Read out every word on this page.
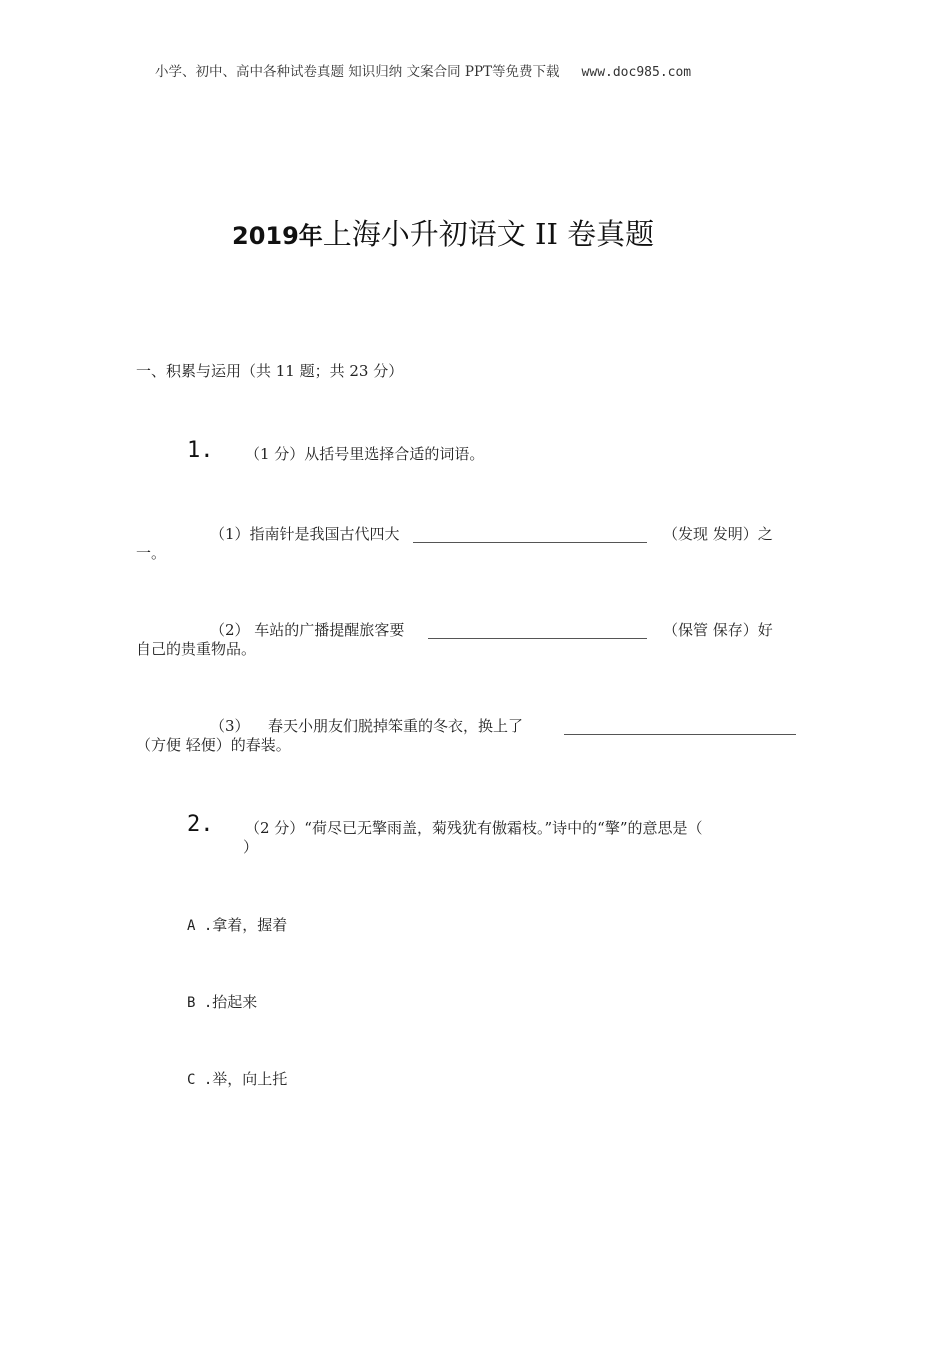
小学、初中、高中各种试卷真题 知识归纳 文案合同 PPT等免费下载 www.doc985.com
2019年上海小升初语文 II 卷真题
一、积累与运用（共 11 题；共 23 分）
1. （1 分）从括号里选择合适的词语。
（1）指南针是我国古代四大	（发现 发明）之
一。
（2） 车站的广播提醒旅客要	（保管 保存）好
自己的贵重物品。
（3） 春天小朋友们脱掉笨重的冬衣，换上了
（方便 轻便）的春装。
2. （2 分）“荷尽已无擎雨盖，菊残犹有傲霜枝。”诗中的“擎”的意思是（
）
A .拿着，握着
B .抬起来
C .举，向上托
